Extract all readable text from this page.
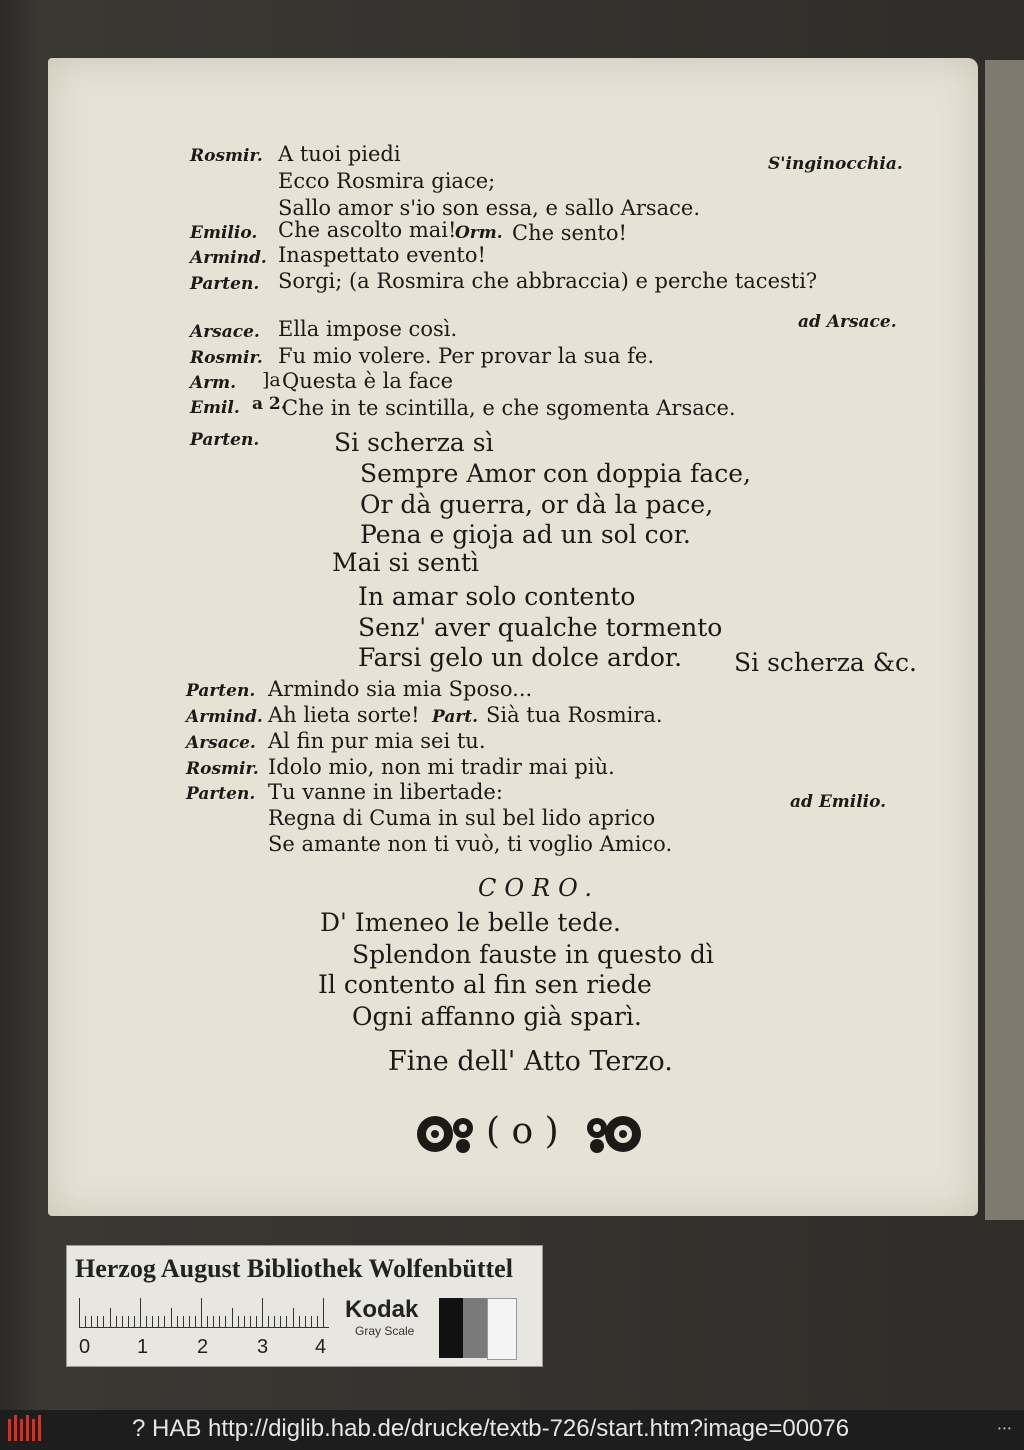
Rosmir. A tuoi piedi	S'inginocchia.
Ecco Rosmira giace;
Sallo amor s'io son essa, e sallo Arsace.
Emilio. Che ascolto mai!
Orm. Che sento!
Armind. Inaspettato evento!
Parten. Sorgi; (a Rosmira che abbraccia) e perche tacesti?
ad Arsace.
Arsace. Ella impose così.
Rosmir. Fu mio volere. Per provar la sua fe.
Arm. ]a Questa è la face
Emil. a 2.
Che in te scintilla, e che sgomenta Arsace.
Parten.	Si scherza sì
Sempre Amor con doppia face,
Or dà guerra, or dà la pace,
Pena e gioja ad un sol cor.
Mai si sentì
In amar solo contento
Senz' aver qualche tormento
Farsi gelo un dolce ardor. Si scherza &c.
Parten. Armindo sia mia Sposo...
Armind. Ah lieta sorte! Part. Sià tua Rosmira.
Arsace. Al fin pur mia sei tu.
Rosmir. Idolo mio, non mi tradir mai più.
Parten. Tu vanne in libertade:	ad Emilio.
Regna di Cuma in sul bel lido aprico
Se amante non ti vuò, ti voglio Amico.
CORO.
D' Imeneo le belle tede.
Splendon fauste in questo dì
Il contento al fin sen riede
Ogni affanno già sparì.
Fine dell' Atto Terzo.
( o )
Herzog August Bibliothek Wolfenbüttel
0 1 2 3 4
Kodak
Gray Scale
? HAB http://diglib.hab.de/drucke/textb-726/start.htm?image=00076	• • •
